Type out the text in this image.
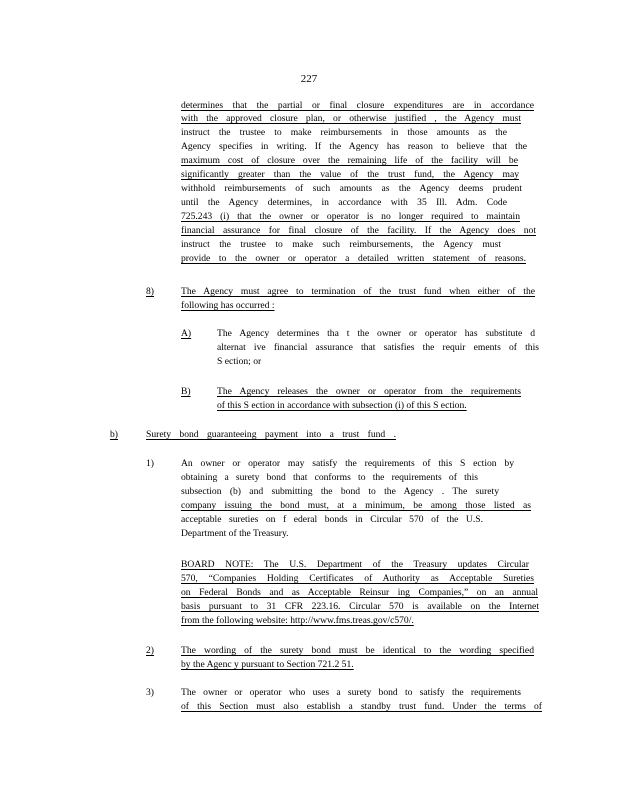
227
determines that the partial or final closure expenditures are in accordance
with the approved closure plan, or otherwise justified , the Agency must
instruct the trustee to make reimbursements in those amounts as the
Agency specifies in writing. If the Agency has reason to believe that the
maximum cost of closure over the remaining life of the facility will be
significantly greater than the value of the trust fund, the Agency may
withhold reimbursements of such amounts as the Agency deems prudent
until the Agency determines, in accordance with 35 Ill. Adm. Code
725.243 (i) that the owner or operator is no longer required to maintain
financial assurance for final closure of the facility. If the Agency does not
instruct the trustee to make such reimbursements, the Agency must
provide to the owner or operator a detailed written statement of reasons.
8)	The Agency must agree to termination of the trust fund when either of the
following has occurred :
A)	The Agency determines tha t the owner or operator has substitute d
alternat ive financial assurance that satisfies the requir ements of this
S ection; or
B)	The Agency releases the owner or operator from the requirements
of this S ection in accordance with subsection (i) of this S ection.
b)	Surety bond guaranteeing payment into a trust fund .
1)	An owner or operator may satisfy the requirements of this S ection by
obtaining a surety bond that conforms to the requirements of this
subsection (b) and submitting the bond to the Agency . The surety
company issuing the bond must, at a minimum, be among those listed as
acceptable sureties on f ederal bonds in Circular 570 of the U.S.
Department of the Treasury.
BOARD NOTE: The U.S. Department of the Treasury updates Circular
570, “Companies Holding Certificates of Authority as Acceptable Sureties
on Federal Bonds and as Acceptable Reinsur ing Companies,” on an annual
basis pursuant to 31 CFR 223.16. Circular 570 is available on the Internet
from the following website: http://www.fms.treas.gov/c570/.
2)	The wording of the surety bond must be identical to the wording specified
by the Agenc y pursuant to Section 721.2 51.
3)	The owner or operator who uses a surety bond to satisfy the requirements
of this Section must also establish a standby trust fund. Under the terms of
